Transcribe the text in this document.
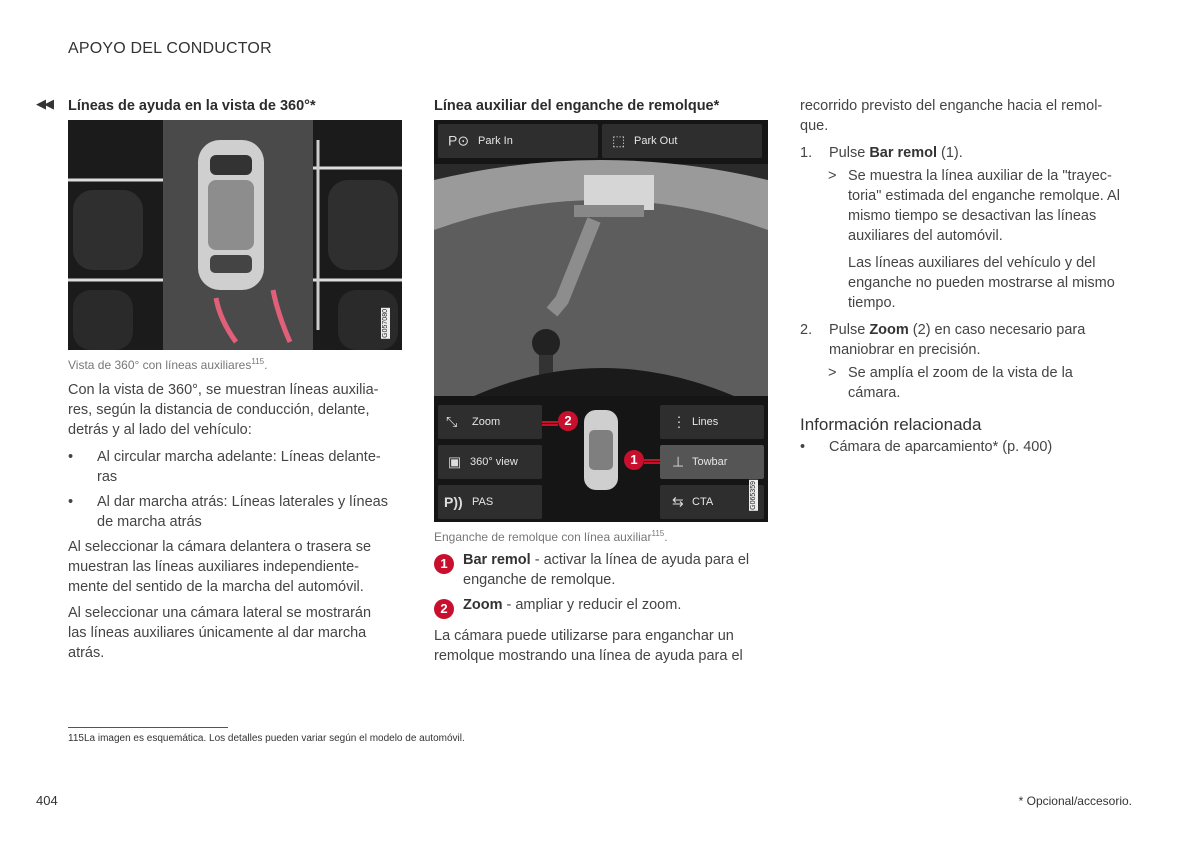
APOYO DEL CONDUCTOR
◀◀ Líneas de ayuda en la vista de 360°*
G057080
Vista de 360° con líneas auxiliares$^{115}$.
Con la vista de 360°, se muestran líneas auxilia-res, según la distancia de conducción, delante, detrás y al lado del vehículo:
• Al circular marcha adelante: Líneas delante-ras
• Al dar marcha atrás: Líneas laterales y líneas de marcha atrás
Al seleccionar la cámara delantera o trasera se muestran las líneas auxiliares independiente-mente del sentido de la marcha del automóvil.
Al seleccionar una cámara lateral se mostrarán las líneas auxiliares únicamente al dar marcha atrás.
Línea auxiliar del enganche de remolque*
P⊙ Park In	⬚ Park Out
⤡ Zoom
▣ 360° view
P)) PAS
⋮ Lines
⊥ Towbar
⇆ CTA
2
1
G065359
Enganche de remolque con línea auxiliar$^{115}$.
1	Bar remol - activar la línea de ayuda para el enganche de remolque.
2	Zoom - ampliar y reducir el zoom.
La cámara puede utilizarse para enganchar un remolque mostrando una línea de ayuda para el
recorrido previsto del enganche hacia el remol-que.
1. Pulse Bar remol (1).
> Se muestra la línea auxiliar de la "trayec-toria" estimada del enganche remolque. Al mismo tiempo se desactivan las líneas auxiliares del automóvil.
Las líneas auxiliares del vehículo y del enganche no pueden mostrarse al mismo tiempo.
2. Pulse Zoom (2) en caso necesario para maniobrar en precisión.
> Se amplía el zoom de la vista de la cámara.
Información relacionada
• Cámara de aparcamiento* (p. 400)
115La imagen es esquemática. Los detalles pueden variar según el modelo de automóvil.
404	* Opcional/accesorio.
